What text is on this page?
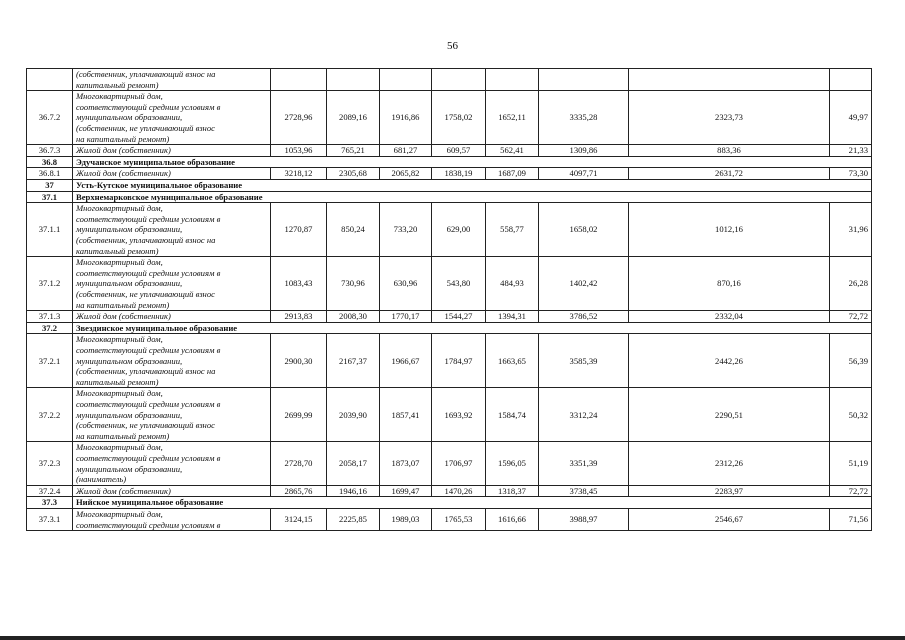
56

	(собственник, уплачивающий взнос на
капитальный ремонт)								

36.7.2	Многоквартирный дом,
соответствующий средним условиям в
муниципальном образовании,
(собственник, не уплачивающий взнос
на капитальный ремонт)	2728,96	2089,16	1916,86	1758,02	1652,11	3335,28	2323,73	49,97
36.7.3	Жилой дом (собственник)	1053,96	765,21	681,27	609,57	562,41	1309,86	883,36	21,33
36.8	Эдучанское муниципальное образование								
36.8.1	Жилой дом (собственник)	3218,12	2305,68	2065,82	1838,19	1687,09	4097,71	2631,72	73,30
37	Усть-Кутское муниципальное образование								
37.1	Верхнемарковское муниципальное образование								
37.1.1	Многоквартирный дом,
соответствующий средним условиям в
муниципальном образовании,
(собственник, уплачивающий взнос на
капитальный ремонт)	1270,87	850,24	733,20	629,00	558,77	1658,02	1012,16	31,96
37.1.2	Многоквартирный дом,
соответствующий средним условиям в
муниципальном образовании,
(собственник, не уплачивающий взнос
на капитальный ремонт)	1083,43	730,96	630,96	543,80	484,93	1402,42	870,16	26,28
37.1.3	Жилой дом (собственник)	2913,83	2008,30	1770,17	1544,27	1394,31	3786,52	2332,04	72,72
37.2	Звездинское муниципальное образование								
37.2.1	Многоквартирный дом,
соответствующий средним условиям в
муниципальном образовании,
(собственник, уплачивающий взнос на
капитальный ремонт)	2900,30	2167,37	1966,67	1784,97	1663,65	3585,39	2442,26	56,39
37.2.2	Многоквартирный дом,
соответствующий средним условиям в
муниципальном образовании,
(собственник, не уплачивающий взнос
на капитальный ремонт)	2699,99	2039,90	1857,41	1693,92	1584,74	3312,24	2290,51	50,32
37.2.3	Многоквартирный дом,
соответствующий средним условиям в
муниципальном образовании,
(наниматель)	2728,70	2058,17	1873,07	1706,97	1596,05	3351,39	2312,26	51,19
37.2.4	Жилой дом (собственник)	2865,76	1946,16	1699,47	1470,26	1318,37	3738,45	2283,97	72,72
37.3	Нийское муниципальное образование								
37.3.1	Многоквартирный дом,
соответствующий средним условиям в	3124,15	2225,85	1989,03	1765,53	1616,66	3988,97	2546,67	71,56
